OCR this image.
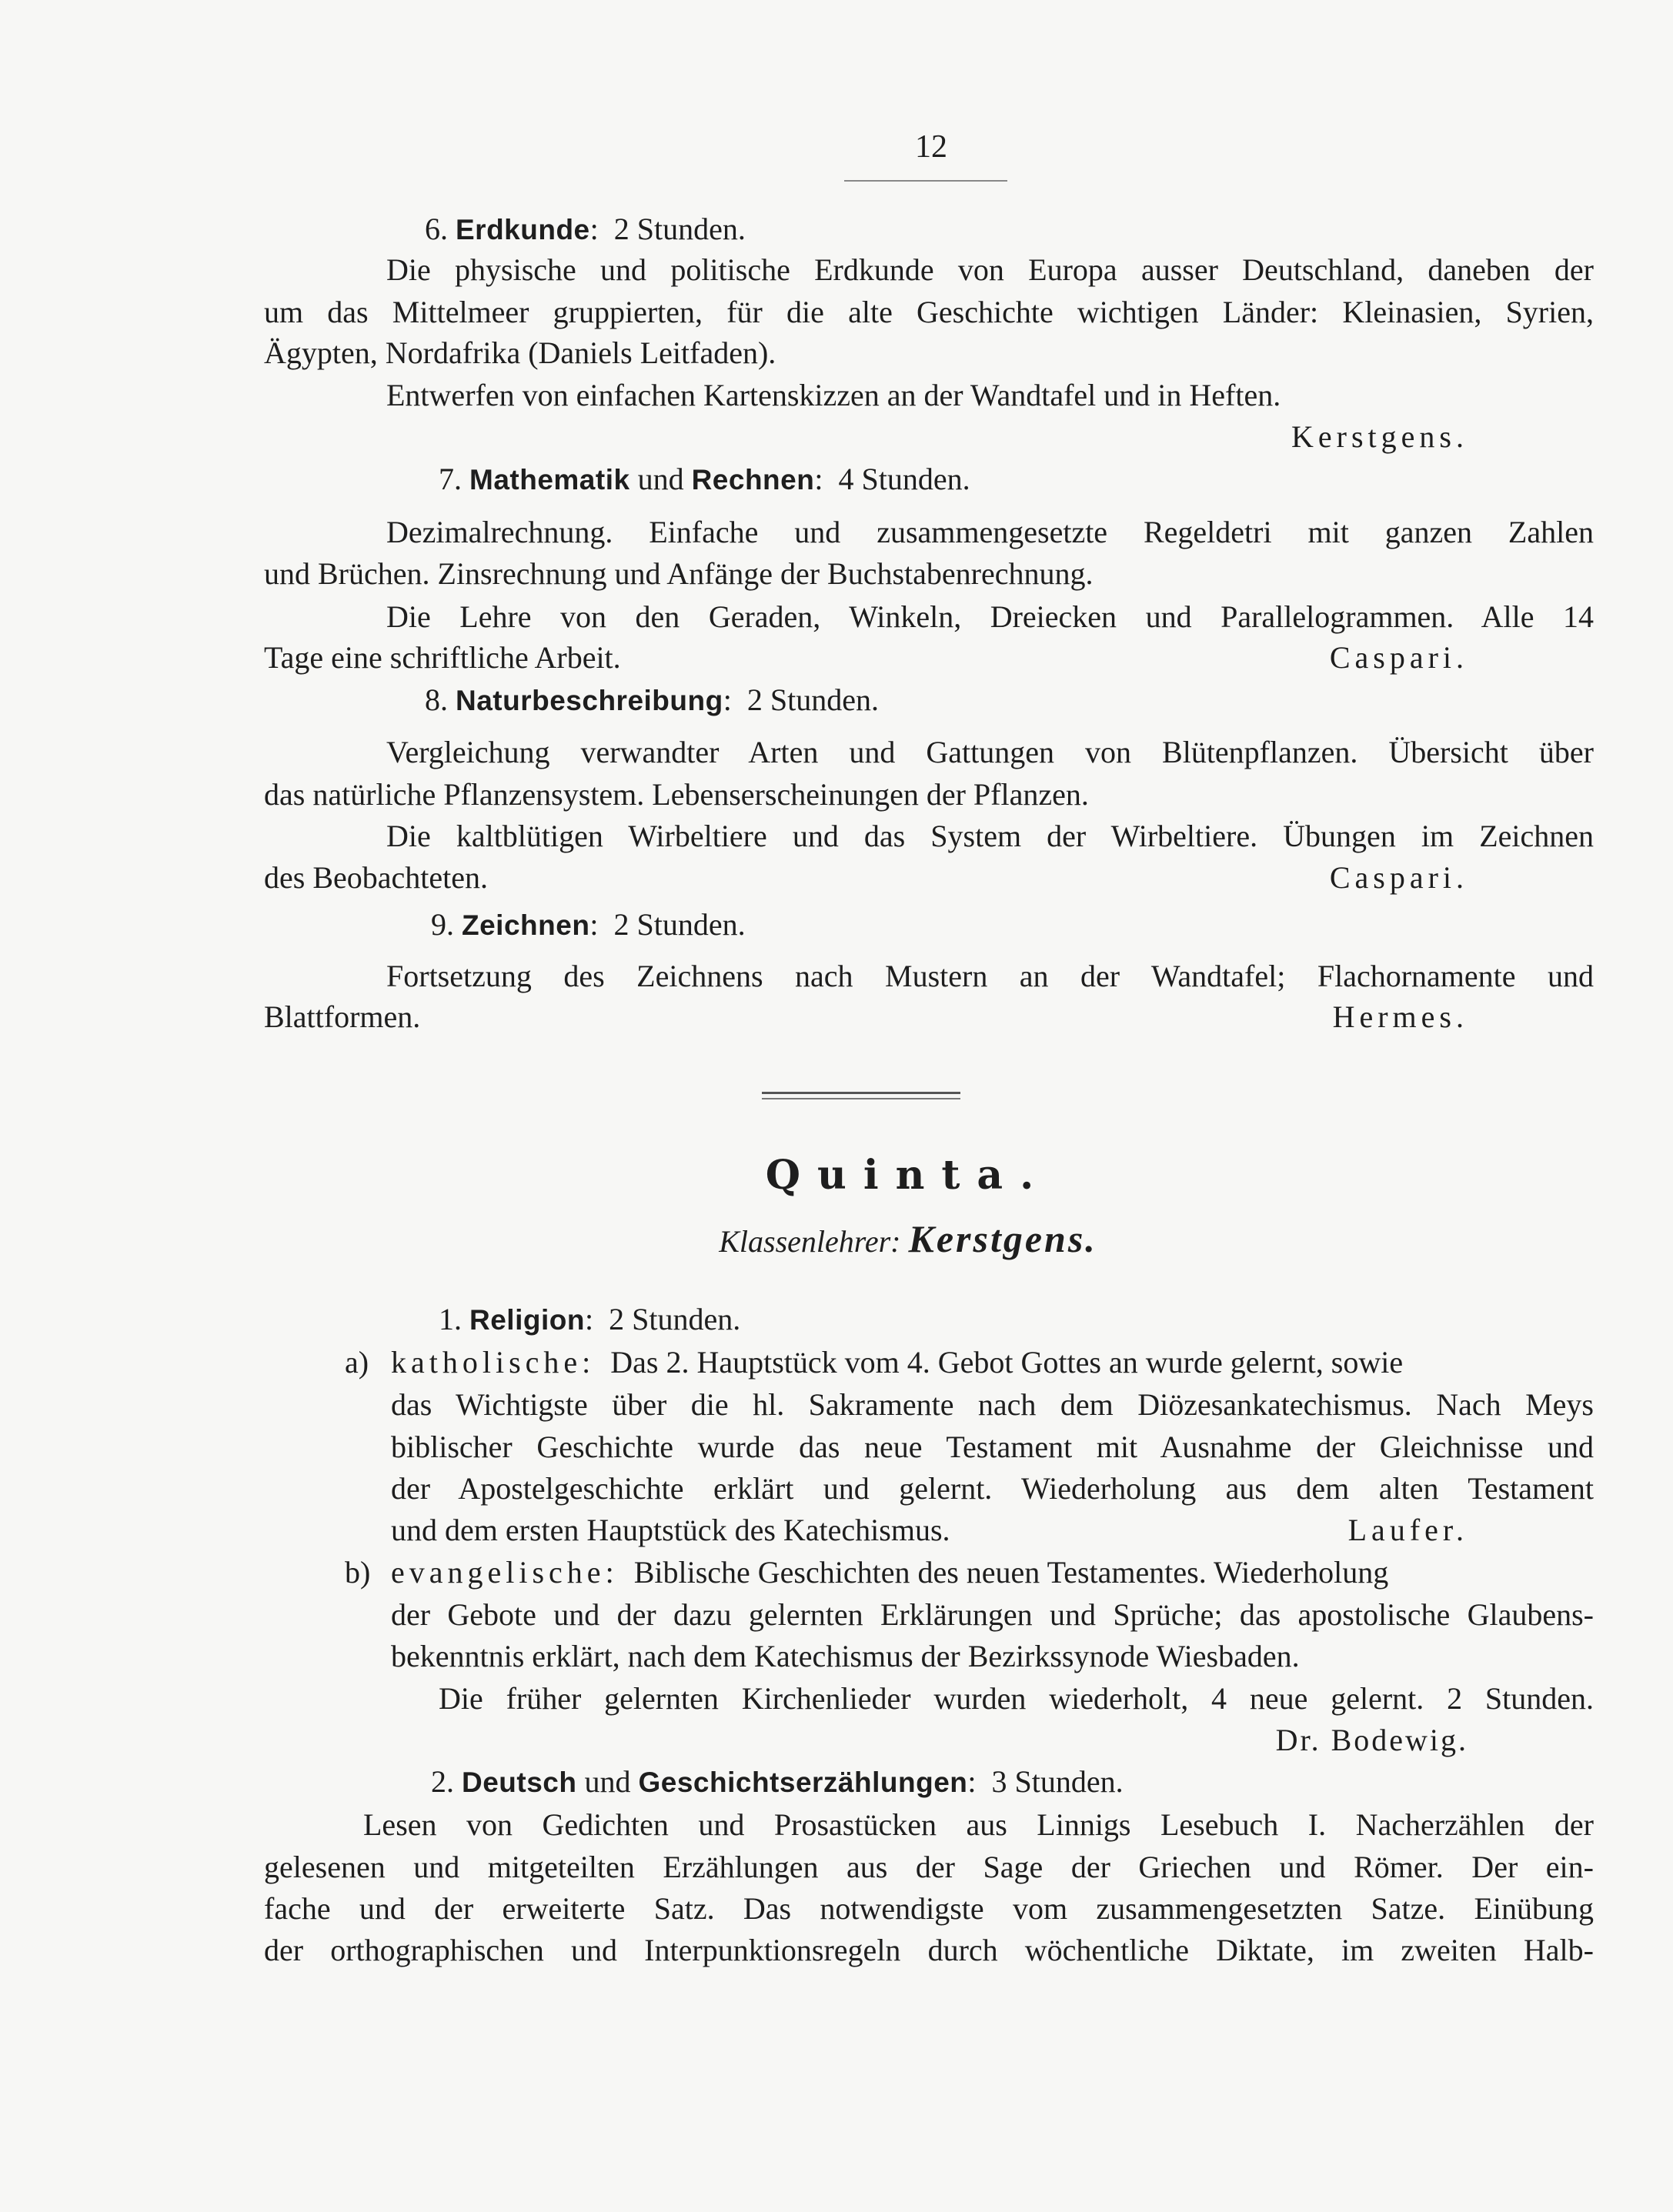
12
6. Erdkunde:  2 Stunden.
Die physische und politische Erdkunde von Europa ausser Deutschland, daneben der
um das Mittelmeer gruppierten, für die alte Geschichte wichtigen Länder: Kleinasien, Syrien,
Ägypten, Nordafrika (Daniels Leitfaden).
Entwerfen von einfachen Kartenskizzen an der Wandtafel und in Heften.
Kerstgens.
7. Mathematik und Rechnen:  4 Stunden.
Dezimalrechnung. Einfache und zusammengesetzte Regeldetri mit ganzen Zahlen
und Brüchen. Zinsrechnung und Anfänge der Buchstabenrechnung.
Die Lehre von den Geraden, Winkeln, Dreiecken und Parallelogrammen. Alle 14
Tage eine schriftliche Arbeit.	Caspari.
8. Naturbeschreibung:  2 Stunden.
Vergleichung verwandter Arten und Gattungen von Blütenpflanzen. Übersicht über
das natürliche Pflanzensystem. Lebenserscheinungen der Pflanzen.
Die kaltblütigen Wirbeltiere und das System der Wirbeltiere. Übungen im Zeichnen
des Beobachteten.	Caspari.
9. Zeichnen:  2 Stunden.
Fortsetzung des Zeichnens nach Mustern an der Wandtafel; Flachornamente und
Blattformen.	Hermes.
Quinta.
Klassenlehrer: Kerstgens.
1. Religion:  2 Stunden.
a) katholische: Das 2. Hauptstück vom 4. Gebot Gottes an wurde gelernt, sowie
das Wichtigste über die hl. Sakramente nach dem Diözesankatechismus. Nach Meys
biblischer Geschichte wurde das neue Testament mit Ausnahme der Gleichnisse und
der Apostelgeschichte erklärt und gelernt. Wiederholung aus dem alten Testament
und dem ersten Hauptstück des Katechismus.	Laufer.
b) evangelische: Biblische Geschichten des neuen Testamentes. Wiederholung
der Gebote und der dazu gelernten Erklärungen und Sprüche; das apostolische Glaubens-
bekenntnis erklärt, nach dem Katechismus der Bezirkssynode Wiesbaden.
Die früher gelernten Kirchenlieder wurden wiederholt, 4 neue gelernt. 2 Stunden.
Dr. Bodewig.
2. Deutsch und Geschichtserzählungen:  3 Stunden.
Lesen von Gedichten und Prosastücken aus Linnigs Lesebuch I. Nacherzählen der
gelesenen und mitgeteilten Erzählungen aus der Sage der Griechen und Römer. Der ein-
fache und der erweiterte Satz. Das notwendigste vom zusammengesetzten Satze. Einübung
der orthographischen und Interpunktionsregeln durch wöchentliche Diktate, im zweiten Halb-
